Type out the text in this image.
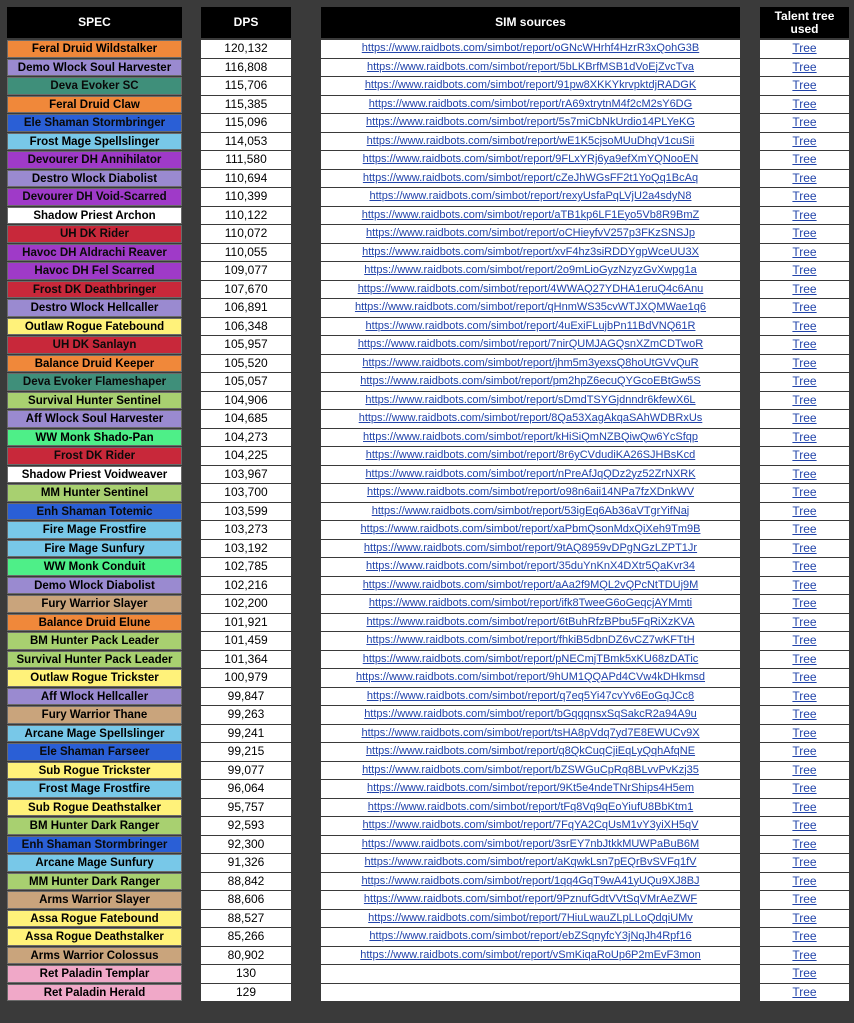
SPEC
Feral Druid Wildstalker
Demo Wlock Soul Harvester
Deva Evoker SC
Feral Druid Claw
Ele Shaman Stormbringer
Frost Mage Spellslinger
Devourer DH Annihilator
Destro Wlock Diabolist
Devourer DH Void-Scarred
Shadow Priest Archon
UH DK Rider
Havoc DH Aldrachi Reaver
Havoc DH Fel Scarred
Frost DK Deathbringer
Destro Wlock Hellcaller
Outlaw Rogue Fatebound
UH DK Sanlayn
Balance Druid Keeper
Deva Evoker Flameshaper
Survival Hunter Sentinel
Aff Wlock Soul Harvester
WW Monk Shado-Pan
Frost DK Rider
Shadow Priest Voidweaver
MM Hunter Sentinel
Enh Shaman Totemic
Fire Mage Frostfire
Fire Mage Sunfury
WW Monk Conduit
Demo Wlock Diabolist
Fury Warrior Slayer
Balance Druid Elune
BM Hunter Pack Leader
Survival Hunter Pack Leader
Outlaw Rogue Trickster
Aff Wlock Hellcaller
Fury Warrior Thane
Arcane Mage Spellslinger
Ele Shaman Farseer
Sub Rogue Trickster
Frost Mage Frostfire
Sub Rogue Deathstalker
BM Hunter Dark Ranger
Enh Shaman Stormbringer
Arcane Mage Sunfury
MM Hunter Dark Ranger
Arms Warrior Slayer
Assa Rogue Fatebound
Assa Rogue Deathstalker
Arms Warrior Colossus
Ret Paladin Templar
Ret Paladin Herald
DPS
120,132
116,808
115,706
115,385
115,096
114,053
111,580
110,694
110,399
110,122
110,072
110,055
109,077
107,670
106,891
106,348
105,957
105,520
105,057
104,906
104,685
104,273
104,225
103,967
103,700
103,599
103,273
103,192
102,785
102,216
102,200
101,921
101,459
101,364
100,979
99,847
99,263
99,241
99,215
99,077
96,064
95,757
92,593
92,300
91,326
88,842
88,606
88,527
85,266
80,902
130
129
SIM sources
https://www.raidbots.com/simbot/report/oGNcWHrhf4HzrR3xQohG3B
https://www.raidbots.com/simbot/report/5bLKBrfMSB1dVoEjZvcTva
https://www.raidbots.com/simbot/report/91pw8XKKYkrvpktdjRADGK
https://www.raidbots.com/simbot/report/rA69xtrytnM4f2cM2sY6DG
https://www.raidbots.com/simbot/report/5s7miCbNkUrdio14PLYeKG
https://www.raidbots.com/simbot/report/wE1K5cjsoMUuDhqV1cuSii
https://www.raidbots.com/simbot/report/9FLxYRj6ya9efXmYQNooEN
https://www.raidbots.com/simbot/report/cZeJhWGsFF2t1YoQq1BcAq
https://www.raidbots.com/simbot/report/rexyUsfaPqLVjU2a4sdyN8
https://www.raidbots.com/simbot/report/aTB1kp6LF1Eyo5Vb8R9BmZ
https://www.raidbots.com/simbot/report/oCHieyfvV257p3FKzSNSJp
https://www.raidbots.com/simbot/report/xvF4hz3siRDDYgpWceUU3X
https://www.raidbots.com/simbot/report/2o9mLioGyzNzyzGvXwpg1a
https://www.raidbots.com/simbot/report/4WWAQ27YDHA1eruQ4c6Anu
https://www.raidbots.com/simbot/report/qHnmWS35cvWTJXQMWae1q6
https://www.raidbots.com/simbot/report/4uExiFLujbPn11BdVNQ61R
https://www.raidbots.com/simbot/report/7nirQUMJAGQsnXZmCDTwoR
https://www.raidbots.com/simbot/report/jhm5m3yexsQ8hoUtGVvQuR
https://www.raidbots.com/simbot/report/pm2hpZ6ecuQYGcoEBtGw5S
https://www.raidbots.com/simbot/report/sDmdTSYGjdnndr6kfewX6L
https://www.raidbots.com/simbot/report/8Qa53XagAkqaSAhWDBRxUs
https://www.raidbots.com/simbot/report/kHiSiQmNZBQiwQw6YcSfqp
https://www.raidbots.com/simbot/report/8r6yCVdudiKA26SJHBsKcd
https://www.raidbots.com/simbot/report/nPreAfJqQDz2yz52ZrNXRK
https://www.raidbots.com/simbot/report/o98n6aii14NPa7fzXDnkWV
https://www.raidbots.com/simbot/report/53igEq6Ab36aVTgrYifNaj
https://www.raidbots.com/simbot/report/xaPbmQsonMdxQiXeh9Tm9B
https://www.raidbots.com/simbot/report/9tAQ8959vDPgNGzLZPT1Jr
https://www.raidbots.com/simbot/report/35duYnKnX4DXtr5QaKvr34
https://www.raidbots.com/simbot/report/aAa2f9MQL2vQPcNtTDUj9M
https://www.raidbots.com/simbot/report/ifk8TweeG6oGeqcjAYMmti
https://www.raidbots.com/simbot/report/6tBuhRfzBPbu5FqRiXzKVA
https://www.raidbots.com/simbot/report/fhkiB5dbnDZ6vCZ7wKFTtH
https://www.raidbots.com/simbot/report/pNECmjTBmk5xKU68zDATic
https://www.raidbots.com/simbot/report/9hUM1QQAPd4CVw4kDHkmsd
https://www.raidbots.com/simbot/report/q7eq5Yi47cvYv6EoGqJCc8
https://www.raidbots.com/simbot/report/bGqqqnsxSqSakcR2a94A9u
https://www.raidbots.com/simbot/report/tsHA8pVdq7yd7E8EWUCv9X
https://www.raidbots.com/simbot/report/q8QkCuqCjiEqLyQqhAfqNE
https://www.raidbots.com/simbot/report/bZSWGuCpRq8BLvvPvKzj35
https://www.raidbots.com/simbot/report/9Kt5e4ndeTNrShips4H5em
https://www.raidbots.com/simbot/report/tFq8Vq9qEoYiufU8BbKtm1
https://www.raidbots.com/simbot/report/7FqYA2CqUsM1vY3yiXH5qV
https://www.raidbots.com/simbot/report/3srEY7nbJtkkMUWPaBuB6M
https://www.raidbots.com/simbot/report/aKqwkLsn7pEQrBvSVFq1fV
https://www.raidbots.com/simbot/report/1qq4GqT9wA41yUQu9XJ8BJ
https://www.raidbots.com/simbot/report/9PznufGdtVVtSqVMrAeZWF
https://www.raidbots.com/simbot/report/7HiuLwauZLpLLoQdqiUMv
https://www.raidbots.com/simbot/report/ebZSqnyfcY3jNqJh4Rpf16
https://www.raidbots.com/simbot/report/vSmKiqaRoUp6P2mEvF3mon
Talent tree used
Tree
Tree
Tree
Tree
Tree
Tree
Tree
Tree
Tree
Tree
Tree
Tree
Tree
Tree
Tree
Tree
Tree
Tree
Tree
Tree
Tree
Tree
Tree
Tree
Tree
Tree
Tree
Tree
Tree
Tree
Tree
Tree
Tree
Tree
Tree
Tree
Tree
Tree
Tree
Tree
Tree
Tree
Tree
Tree
Tree
Tree
Tree
Tree
Tree
Tree
Tree
Tree
